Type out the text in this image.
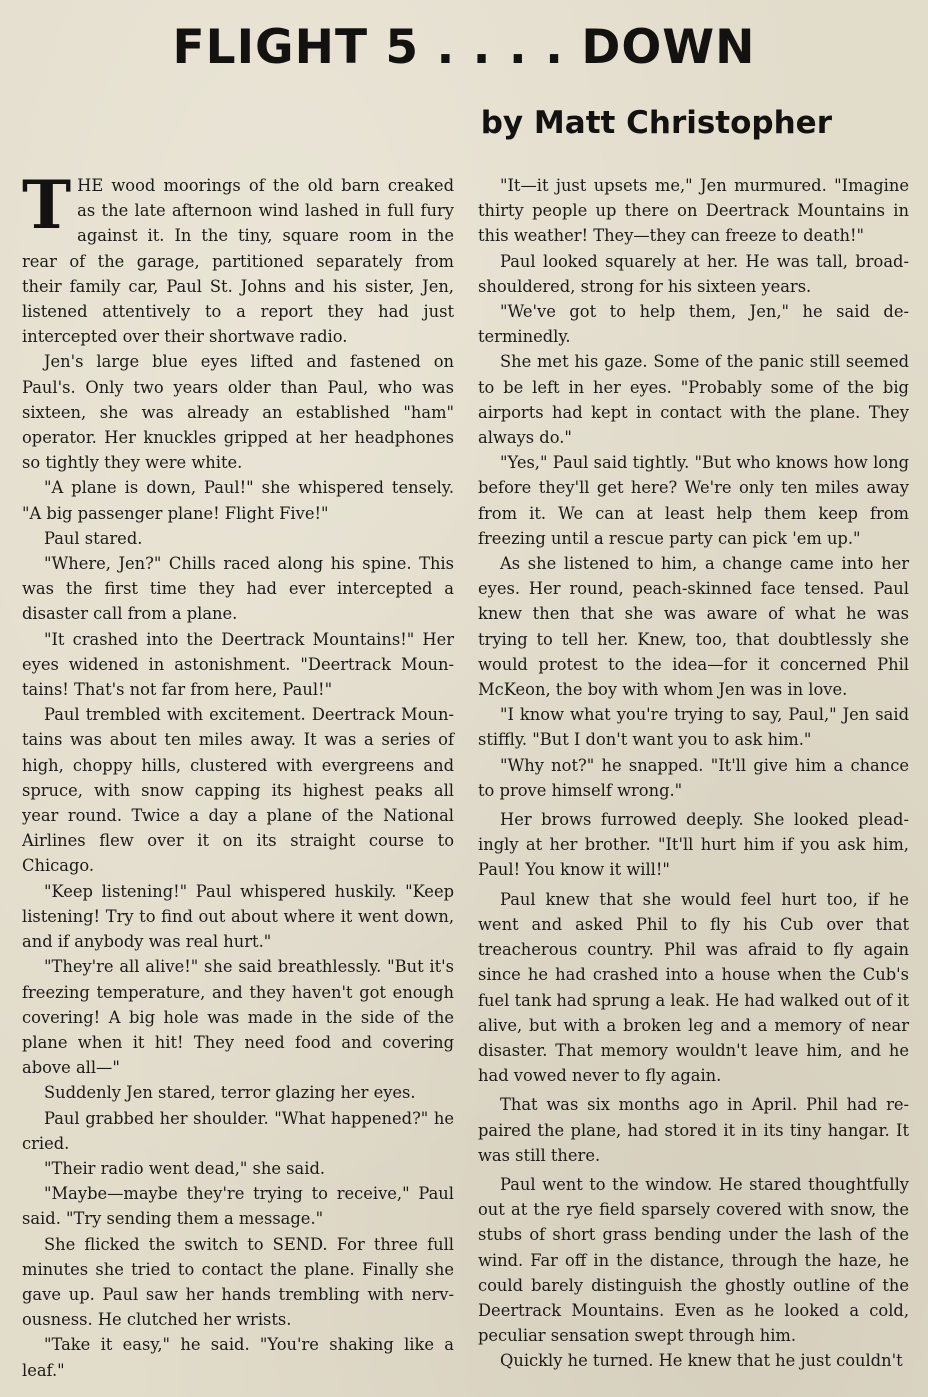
FLIGHT 5 . . . . DOWN
by Matt Christopher

THE wood moorings of the old barn creaked as the late afternoon wind lashed in full fury against it. In the tiny, square room in the rear of the garage, partitioned separately from their family car, Paul St. Johns and his sister, Jen, listened attentively to a report they had just intercepted over their shortwave radio.

Jen's large blue eyes lifted and fastened on Paul's. Only two years older than Paul, who was sixteen, she was already an established "ham" operator. Her knuckles gripped at her headphones so tightly they were white.

"A plane is down, Paul!" she whispered tensely. "A big passenger plane! Flight Five!"

Paul stared.

"Where, Jen?" Chills raced along his spine. This was the first time they had ever intercepted a disaster call from a plane.

"It crashed into the Deertrack Mountains!" Her eyes widened in astonishment. "Deertrack Mountains! That's not far from here, Paul!"

Paul trembled with excitement. Deertrack Mountains was about ten miles away. It was a series of high, choppy hills, clustered with evergreens and spruce, with snow capping its highest peaks all year round. Twice a day a plane of the National Airlines flew over it on its straight course to Chicago.

"Keep listening!" Paul whispered huskily. "Keep listening! Try to find out about where it went down, and if anybody was real hurt."

"They're all alive!" she said breathlessly. "But it's freezing temperature, and they haven't got enough covering! A big hole was made in the side of the plane when it hit! They need food and covering above all—"

Suddenly Jen stared, terror glazing her eyes.

Paul grabbed her shoulder. "What happened?" he cried.

"Their radio went dead," she said.

"Maybe—maybe they're trying to receive," Paul said. "Try sending them a message."

She flicked the switch to SEND. For three full minutes she tried to contact the plane. Finally she gave up. Paul saw her hands trembling with nervousness. He clutched her wrists.

"Take it easy," he said. "You're shaking like a leaf."

"It—it just upsets me," Jen murmured. "Imagine thirty people up there on Deertrack Mountains in this weather! They—they can freeze to death!"

Paul looked squarely at her. He was tall, broadshouldered, strong for his sixteen years.

"We've got to help them, Jen," he said determinedly.

She met his gaze. Some of the panic still seemed to be left in her eyes. "Probably some of the big airports had kept in contact with the plane. They always do."

"Yes," Paul said tightly. "But who knows how long before they'll get here? We're only ten miles away from it. We can at least help them keep from freezing until a rescue party can pick 'em up."

As she listened to him, a change came into her eyes. Her round, peach-skinned face tensed. Paul knew then that she was aware of what he was trying to tell her. Knew, too, that doubtlessly she would protest to the idea—for it concerned Phil McKeon, the boy with whom Jen was in love.

"I know what you're trying to say, Paul," Jen said stiffly. "But I don't want you to ask him."

"Why not?" he snapped. "It'll give him a chance to prove himself wrong."

Her brows furrowed deeply. She looked pleadingly at her brother. "It'll hurt him if you ask him, Paul! You know it will!"

Paul knew that she would feel hurt too, if he went and asked Phil to fly his Cub over that treacherous country. Phil was afraid to fly again since he had crashed into a house when the Cub's fuel tank had sprung a leak. He had walked out of it alive, but with a broken leg and a memory of near disaster. That memory wouldn't leave him, and he had vowed never to fly again.

That was six months ago in April. Phil had repaired the plane, had stored it in its tiny hangar. It was still there.

Paul went to the window. He stared thoughtfully out at the rye field sparsely covered with snow, the stubs of short grass bending under the lash of the wind. Far off in the distance, through the haze, he could barely distinguish the ghostly outline of the Deertrack Mountains. Even as he looked a cold, peculiar sensation swept through him.

Quickly he turned. He knew that he just couldn't
